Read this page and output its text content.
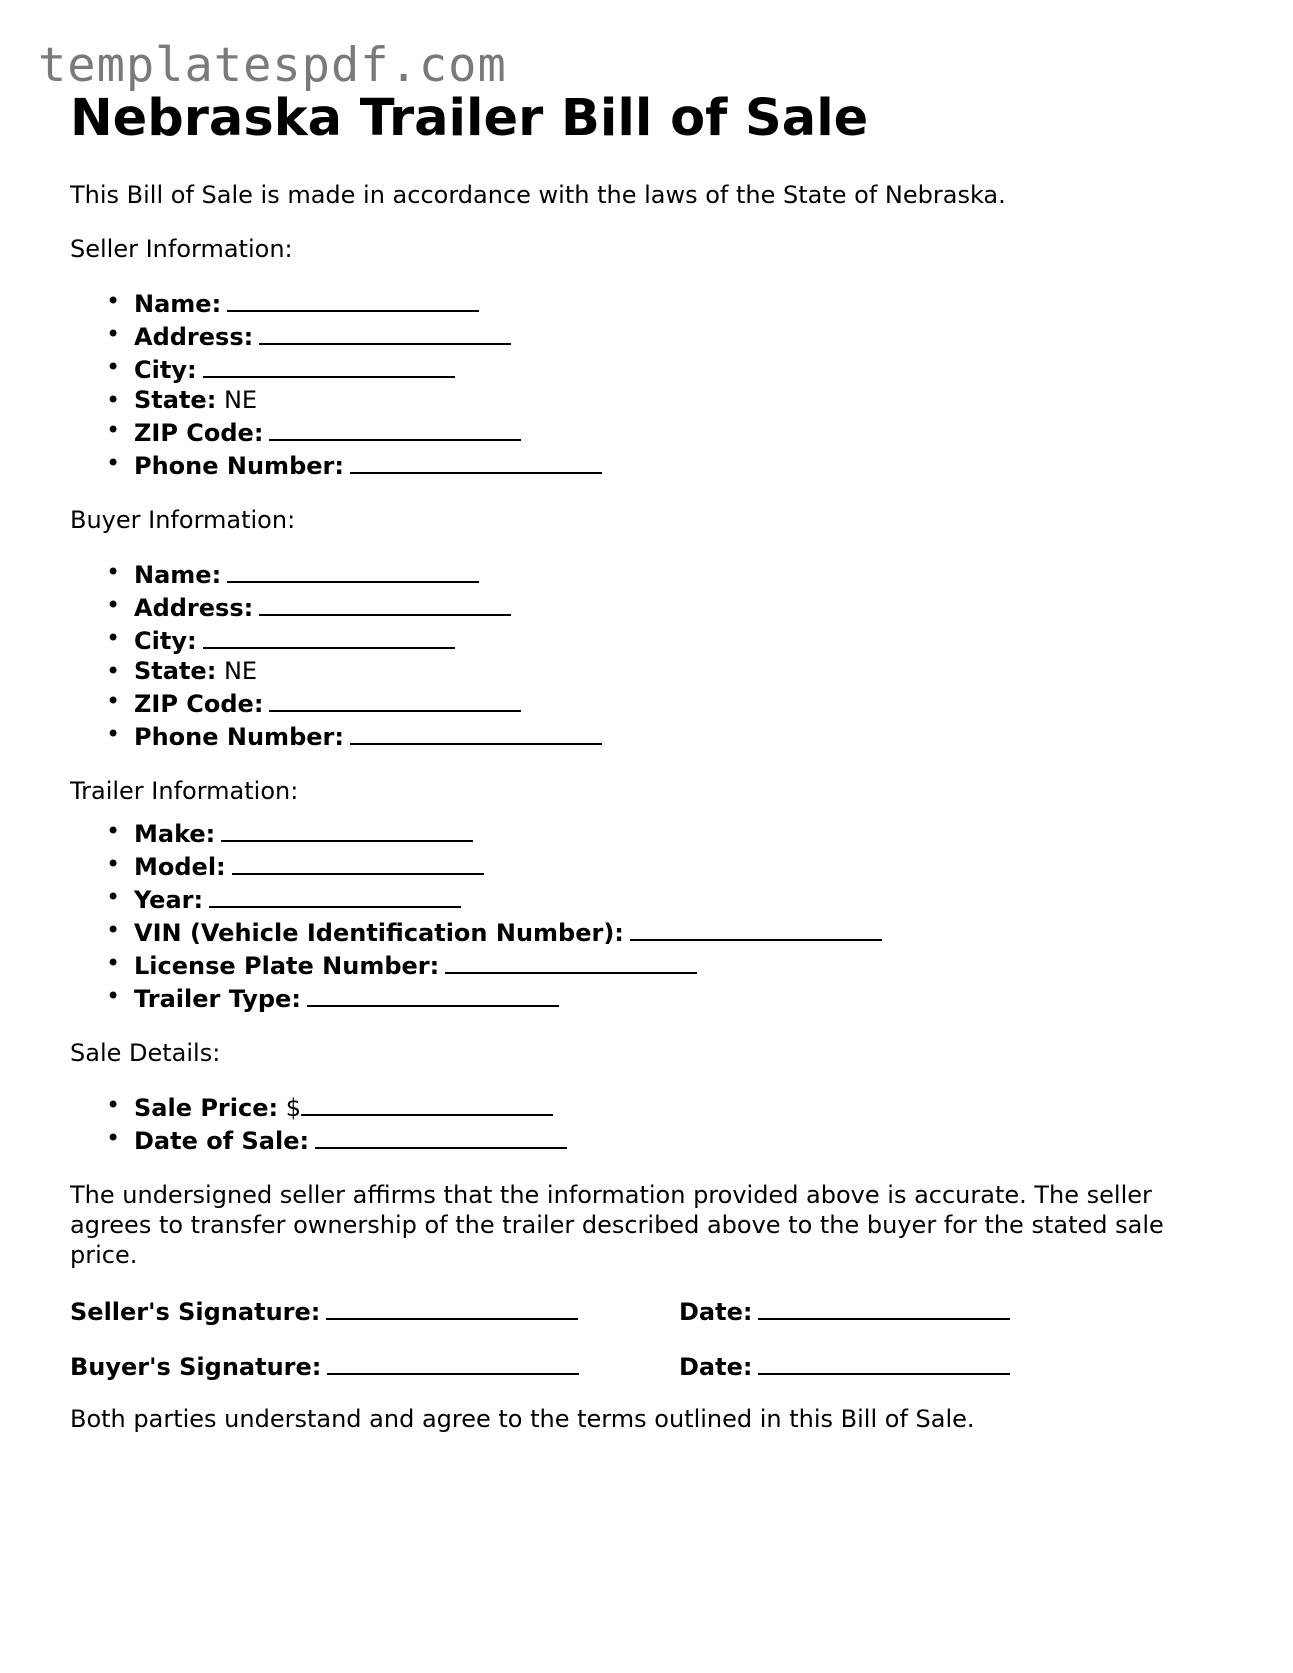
templatespdf.com
Nebraska Trailer Bill of Sale

This Bill of Sale is made in accordance with the laws of the State of Nebraska.

Seller Information:

• Name:
• Address:
• City:
• State: NE
• ZIP Code:
• Phone Number:

Buyer Information:

• Name:
• Address:
• City:
• State: NE
• ZIP Code:
• Phone Number:

Trailer Information:

• Make:
• Model:
• Year:
• VIN (Vehicle Identification Number):
• License Plate Number:
• Trailer Type:

Sale Details:

• Sale Price: $
• Date of Sale:

The undersigned seller affirms that the information provided above is accurate. The seller agrees to transfer ownership of the trailer described above to the buyer for the stated sale price.

Seller's Signature:	Date:
Buyer's Signature:	Date:

Both parties understand and agree to the terms outlined in this Bill of Sale.
